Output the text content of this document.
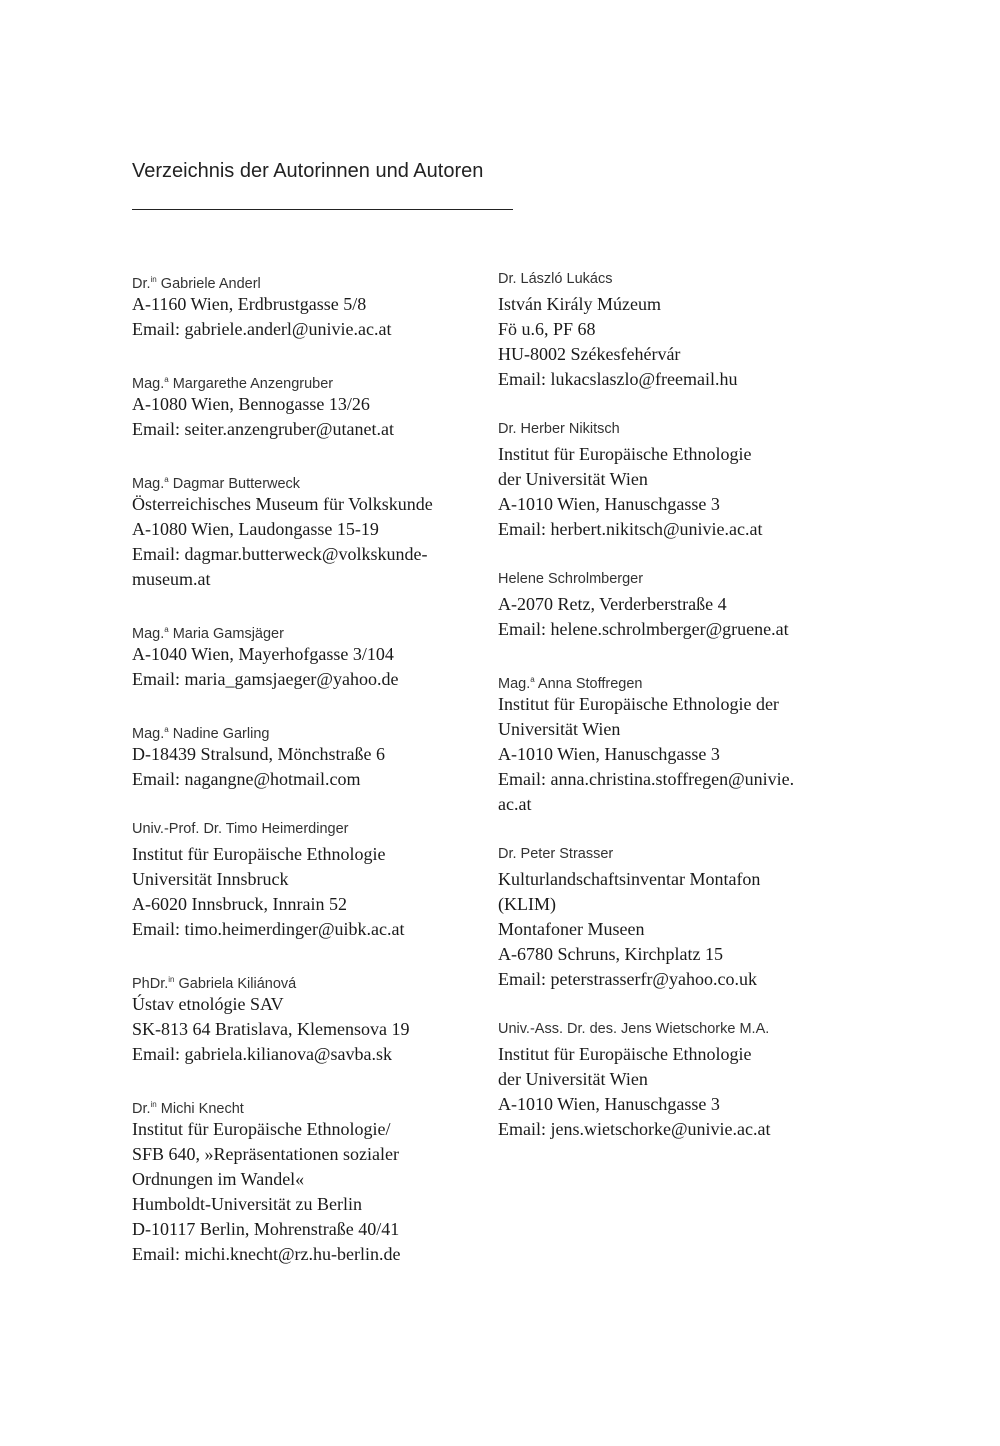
Verzeichnis der Autorinnen und Autoren
Dr.$^{in}$ Gabriele Anderl
A-1160 Wien, Erdbrustgasse 5/8
Email: gabriele.anderl@univie.ac.at
Mag.$^a$ Margarethe Anzengruber
A-1080 Wien, Bennogasse 13/26
Email: seiter.anzengruber@utanet.at
Mag.$^a$ Dagmar Butterweck
Österreichisches Museum für Volkskunde
A-1080 Wien, Laudongasse 15-19
Email: dagmar.butterweck@volkskunde-
museum.at
Mag.$^a$ Maria Gamsjäger
A-1040 Wien, Mayerhofgasse 3/104
Email: maria_gamsjaeger@yahoo.de
Mag.$^a$ Nadine Garling
D-18439 Stralsund, Mönchstraße 6
Email: nagangne@hotmail.com
Univ.-Prof. Dr. Timo Heimerdinger
Institut für Europäische Ethnologie
Universität Innsbruck
A-6020 Innsbruck, Innrain 52
Email: timo.heimerdinger@uibk.ac.at
PhDr.$^{in}$ Gabriela Kiliánová
Ústav etnológie SAV
SK-813 64 Bratislava, Klemensova 19
Email: gabriela.kilianova@savba.sk
Dr.$^{in}$ Michi Knecht
Institut für Europäische Ethnologie/
SFB 640, »Repräsentationen sozialer
Ordnungen im Wandel«
Humboldt-Universität zu Berlin
D-10117 Berlin, Mohrenstraße 40/41
Email: michi.knecht@rz.hu-berlin.de
Dr. László Lukács
István Király Múzeum
Fö u.6, PF 68
HU-8002 Székesfehérvár
Email: lukacslaszlo@freemail.hu
Dr. Herber Nikitsch
Institut für Europäische Ethnologie
der Universität Wien
A-1010 Wien, Hanuschgasse 3
Email: herbert.nikitsch@univie.ac.at
Helene Schrolmberger
A-2070 Retz, Verderberstraße 4
Email: helene.schrolmberger@gruene.at
Mag.$^a$ Anna Stoffregen
Institut für Europäische Ethnologie der
Universität Wien
A-1010 Wien, Hanuschgasse 3
Email: anna.christina.stoffregen@univie.
ac.at
Dr. Peter Strasser
Kulturlandschaftsinventar Montafon
(KLIM)
Montafoner Museen
A-6780 Schruns, Kirchplatz 15
Email: peterstrasserfr@yahoo.co.uk
Univ.-Ass. Dr. des. Jens Wietschorke M.A.
Institut für Europäische Ethnologie
der Universität Wien
A-1010 Wien, Hanuschgasse 3
Email: jens.wietschorke@univie.ac.at
